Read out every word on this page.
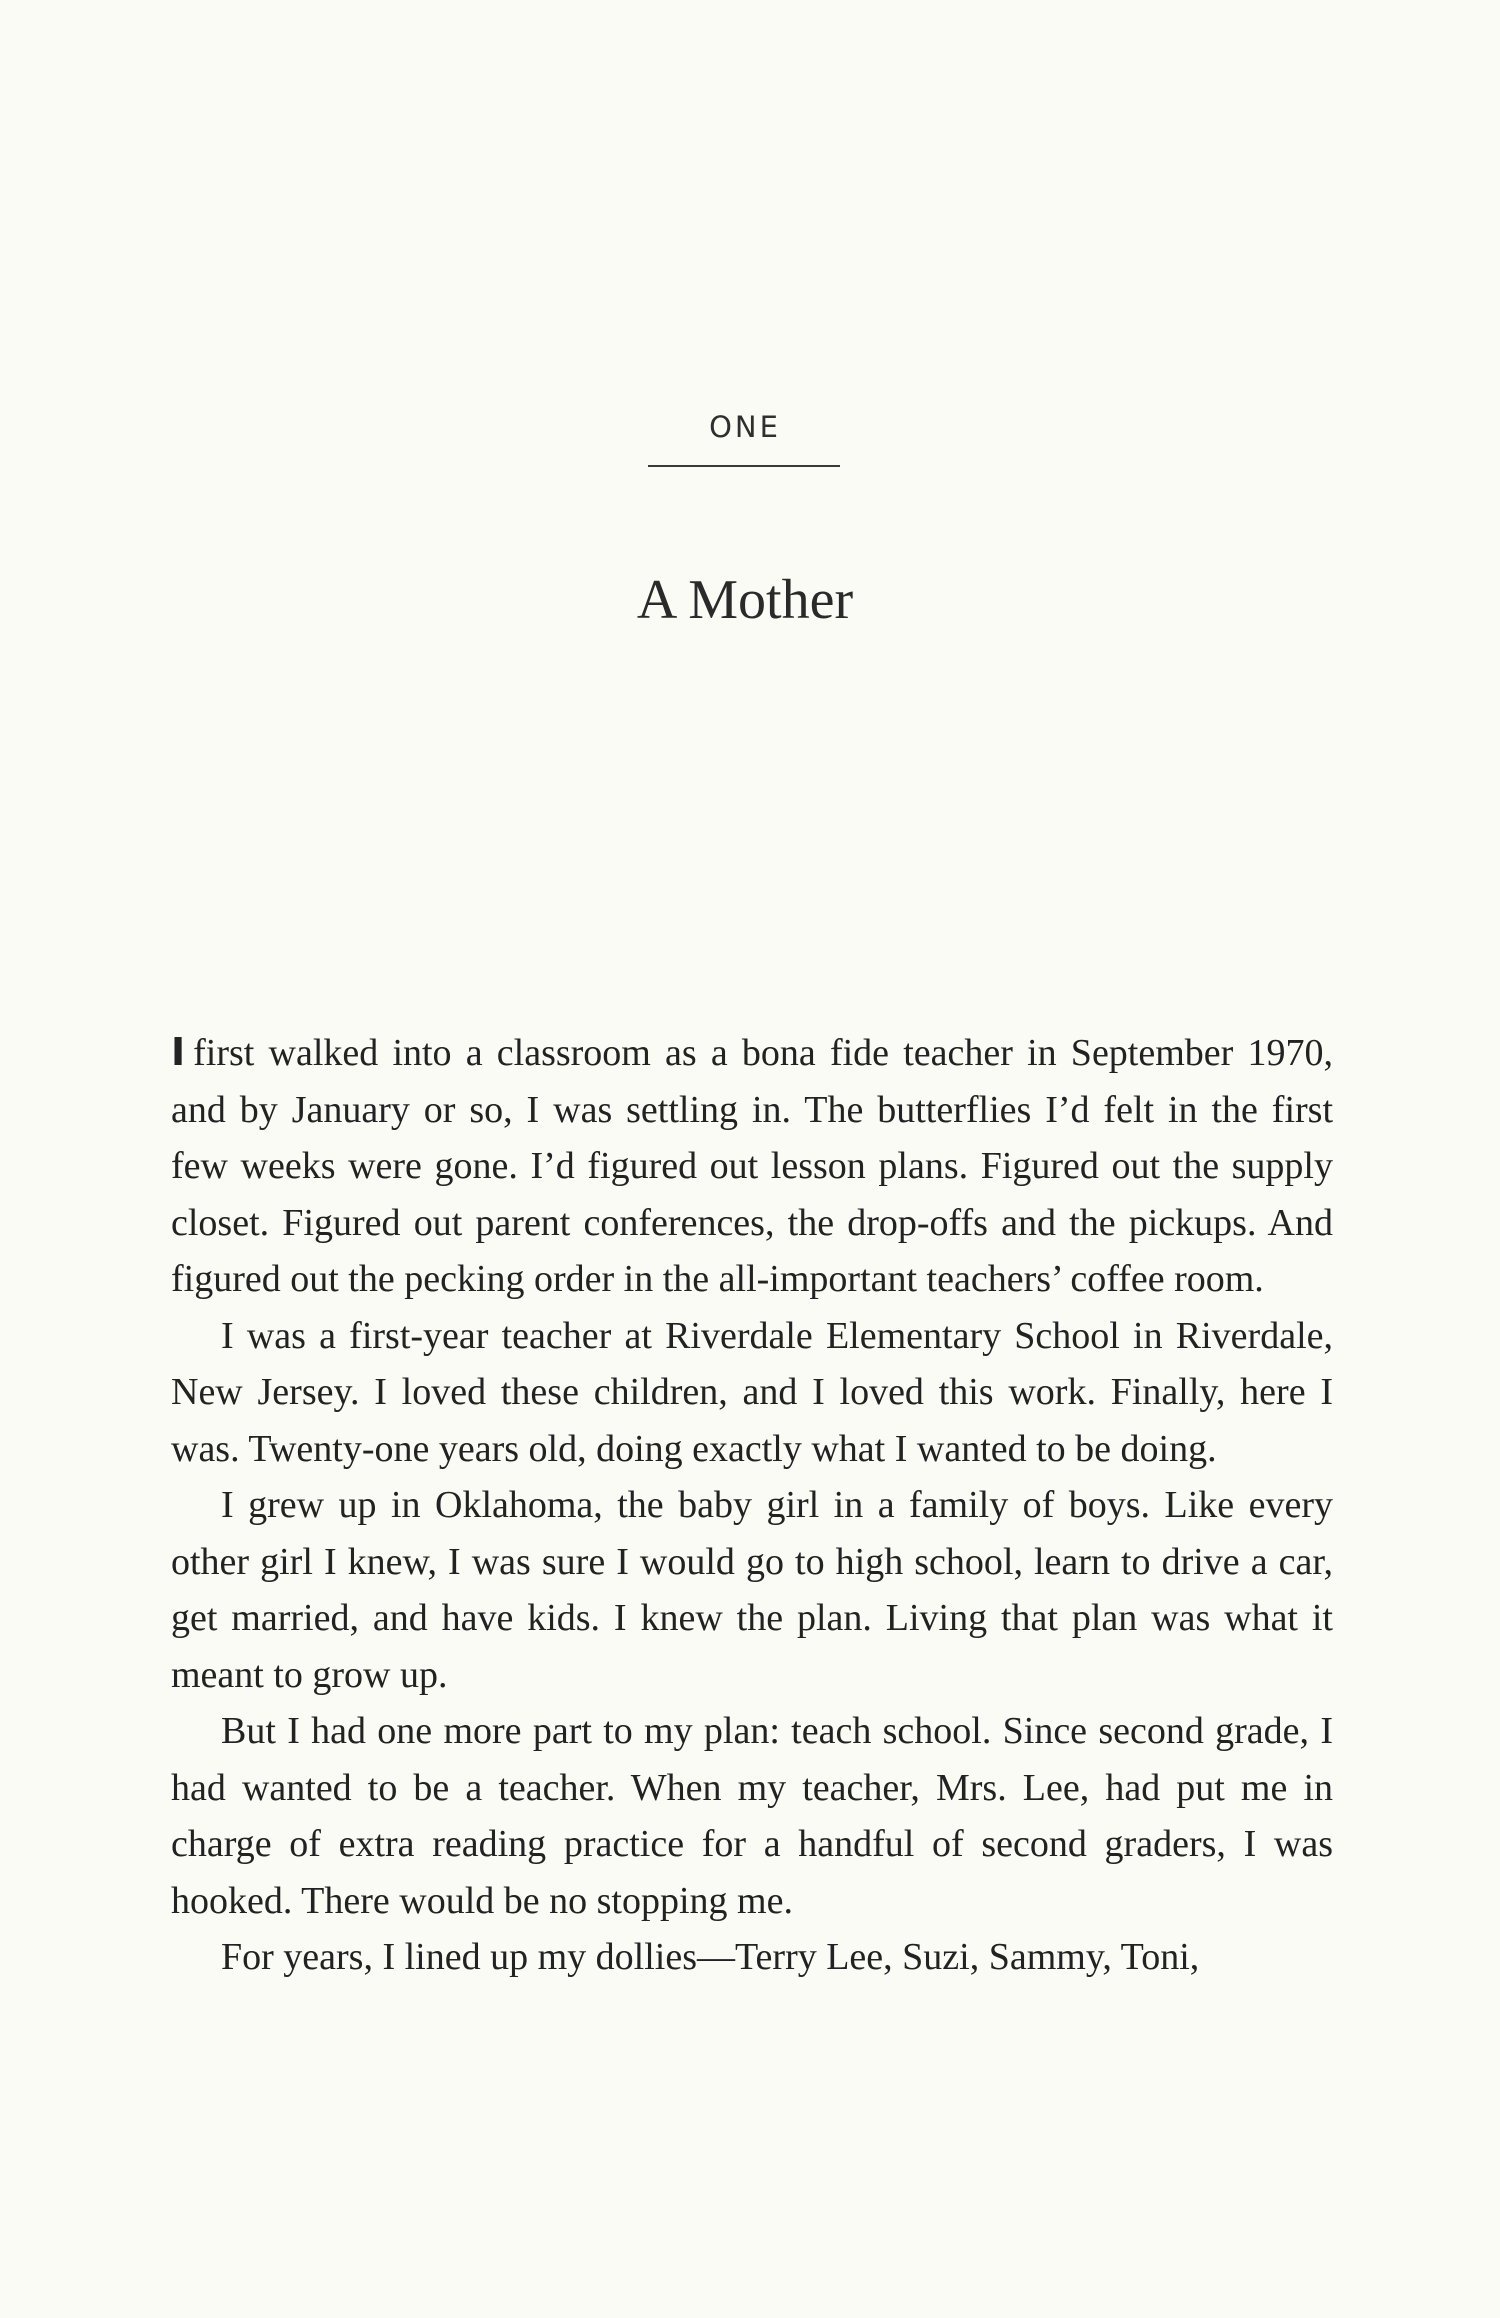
ONE
A Mother

I first walked into a classroom as a bona fide teacher in September 1970, and by January or so, I was settling in. The butterflies I’d felt in the first few weeks were gone. I’d figured out lesson plans. Figured out the supply closet. Figured out parent conferences, the drop-offs and the pickups. And figured out the pecking order in the all-important teachers’ coffee room.

I was a first-year teacher at Riverdale Elementary School in Riverdale, New Jersey. I loved these children, and I loved this work. Finally, here I was. Twenty-one years old, doing exactly what I wanted to be doing.

I grew up in Oklahoma, the baby girl in a family of boys. Like every other girl I knew, I was sure I would go to high school, learn to drive a car, get married, and have kids. I knew the plan. Living that plan was what it meant to grow up.

But I had one more part to my plan: teach school. Since second grade, I had wanted to be a teacher. When my teacher, Mrs. Lee, had put me in charge of extra reading practice for a handful of second graders, I was hooked. There would be no stopping me.

For years, I lined up my dollies—Terry Lee, Suzi, Sammy, Toni,
